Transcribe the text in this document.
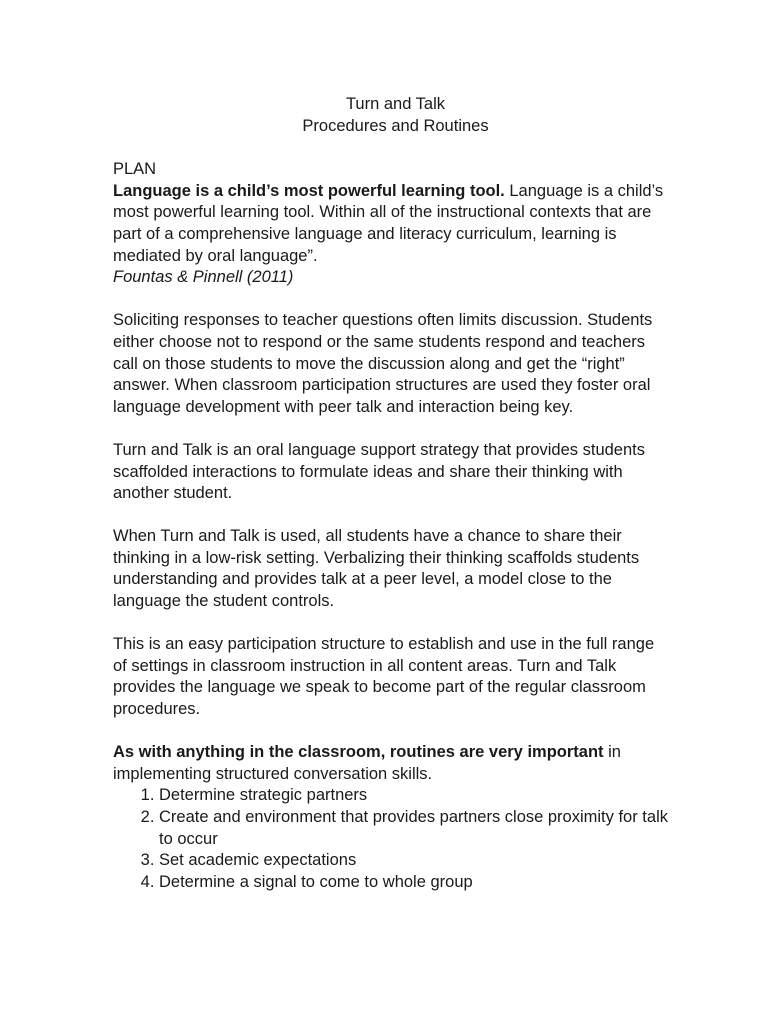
Turn and Talk
Procedures and Routines

PLAN

Language is a child’s most powerful learning tool. Language is a child’s most powerful learning tool. Within all of the instructional contexts that are part of a comprehensive language and literacy curriculum, learning is mediated by oral language”.

Fountas & Pinnell (2011)

Soliciting responses to teacher questions often limits discussion. Students either choose not to respond or the same students respond and teachers call on those students to move the discussion along and get the “right” answer. When classroom participation structures are used they foster oral language development with peer talk and interaction being key.

Turn and Talk is an oral language support strategy that provides students scaffolded interactions to formulate ideas and share their thinking with another student.

When Turn and Talk is used, all students have a chance to share their thinking in a low-risk setting. Verbalizing their thinking scaffolds students understanding and provides talk at a peer level, a model close to the language the student controls.

This is an easy participation structure to establish and use in the full range of settings in classroom instruction in all content areas. Turn and Talk provides the language we speak to become part of the regular classroom procedures.

As with anything in the classroom, routines are very important in implementing structured conversation skills.

1. Determine strategic partners
2. Create and environment that provides partners close proximity for talk to occur
3. Set academic expectations
4. Determine a signal to come to whole group
